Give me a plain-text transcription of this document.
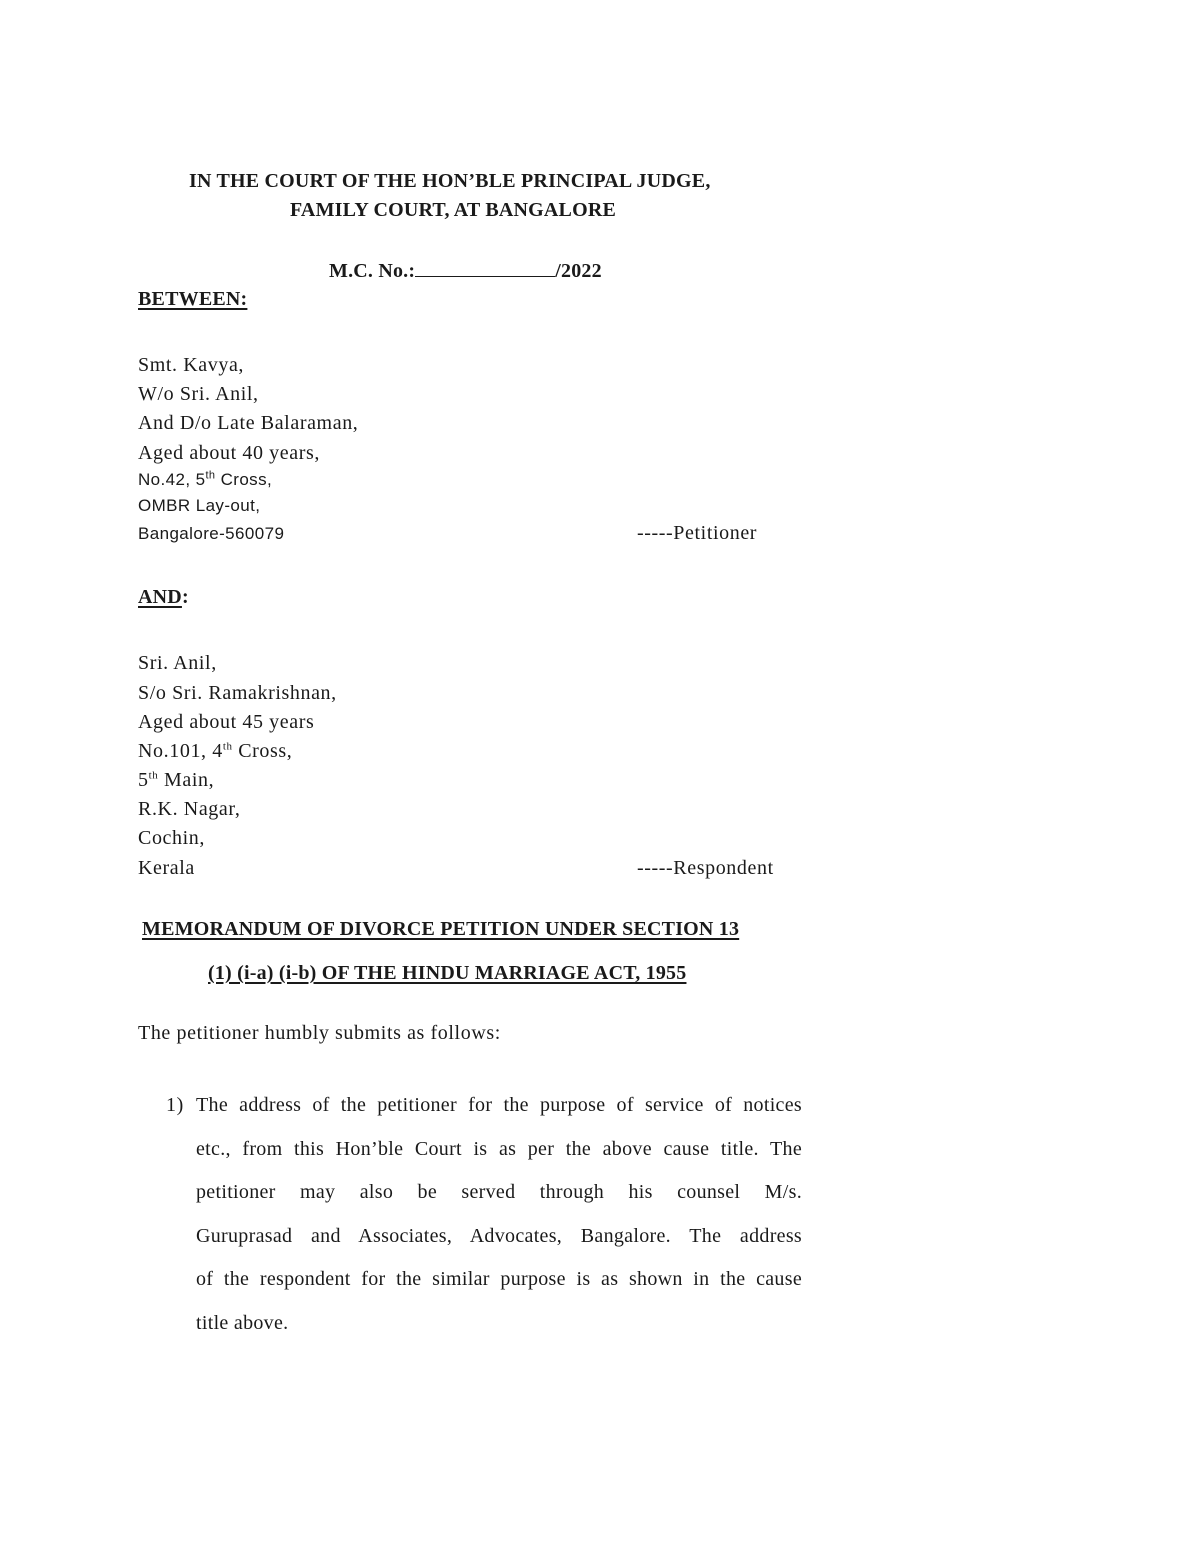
IN THE COURT OF THE HON’BLE PRINCIPAL JUDGE,
FAMILY COURT, AT BANGALORE
M.C. No.:	/2022
BETWEEN:
Smt. Kavya,
W/o Sri. Anil,
And D/o Late Balaraman,
Aged about 40 years,
No.42, 5th Cross,
OMBR Lay-out,
Bangalore-560079	-----Petitioner
AND:
Sri. Anil,
S/o Sri. Ramakrishnan,
Aged about 45 years
No.101, 4th Cross,
5th Main,
R.K. Nagar,
Cochin,
Kerala	-----Respondent
MEMORANDUM OF DIVORCE PETITION UNDER SECTION 13
(1) (i-a) (i-b) OF THE HINDU MARRIAGE ACT, 1955
The petitioner humbly submits as follows:
1) The address of the petitioner for the purpose of service of notices
etc., from this Hon’ble Court is as per the above cause title. The
petitioner may also be served through his counsel M/s.
Guruprasad and Associates, Advocates, Bangalore. The address
of the respondent for the similar purpose is as shown in the cause
title above.
